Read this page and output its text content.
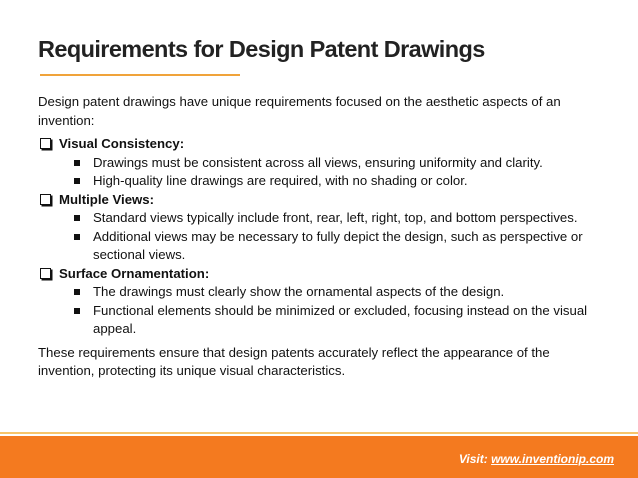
Requirements for Design Patent Drawings

Design patent drawings have unique requirements focused on the aesthetic aspects of an invention:

Visual Consistency:
Drawings must be consistent across all views, ensuring uniformity and clarity.
High-quality line drawings are required, with no shading or color.
Multiple Views:
Standard views typically include front, rear, left, right, top, and bottom perspectives.
Additional views may be necessary to fully depict the design, such as perspective or sectional views.
Surface Ornamentation:
The drawings must clearly show the ornamental aspects of the design.
Functional elements should be minimized or excluded, focusing instead on the visual appeal.

These requirements ensure that design patents accurately reflect the appearance of the invention, protecting its unique visual characteristics.

Visit: www.inventionip.com
